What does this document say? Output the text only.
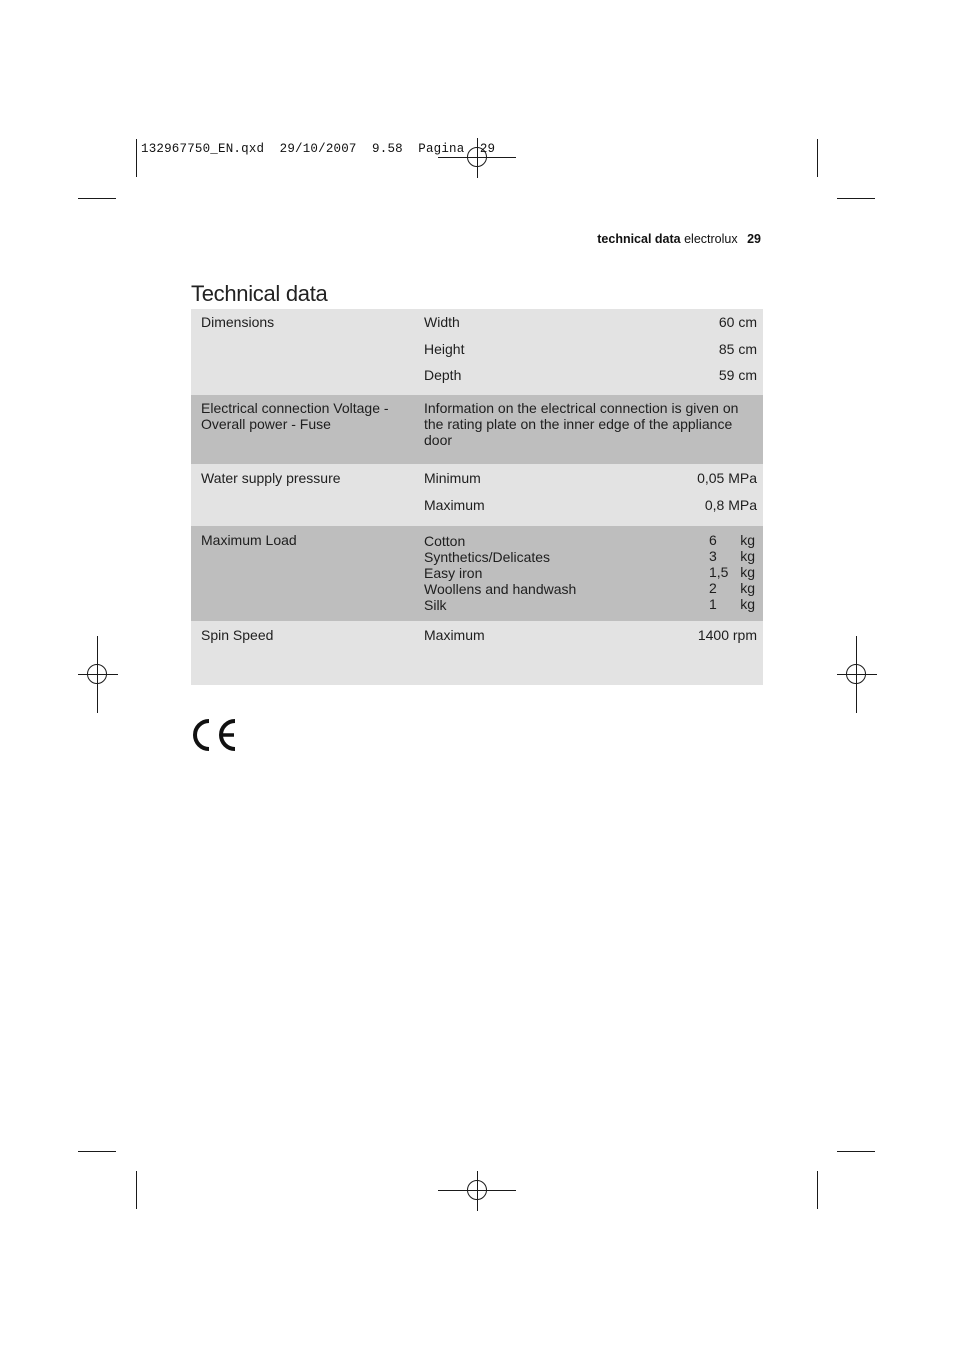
132967750_EN.qxd  29/10/2007  9.58  Pagina  29
technical data electrolux 29
Technical data
Dimensions	Width	60 cm
Height	85 cm
Depth	59 cm
Electrical connection Voltage - Overall power - Fuse
Information on the electrical connection is given on the rating plate on the inner edge of the appliance door
Water supply pressure	Minimum	0,05 MPa
Maximum	0,8 MPa
Maximum Load	Cotton	6	kg
Synthetics/Delicates	3	kg
Easy iron	1,5 kg
Woollens and handwash	2	kg
Silk	1	kg
Spin Speed	Maximum	1400 rpm
